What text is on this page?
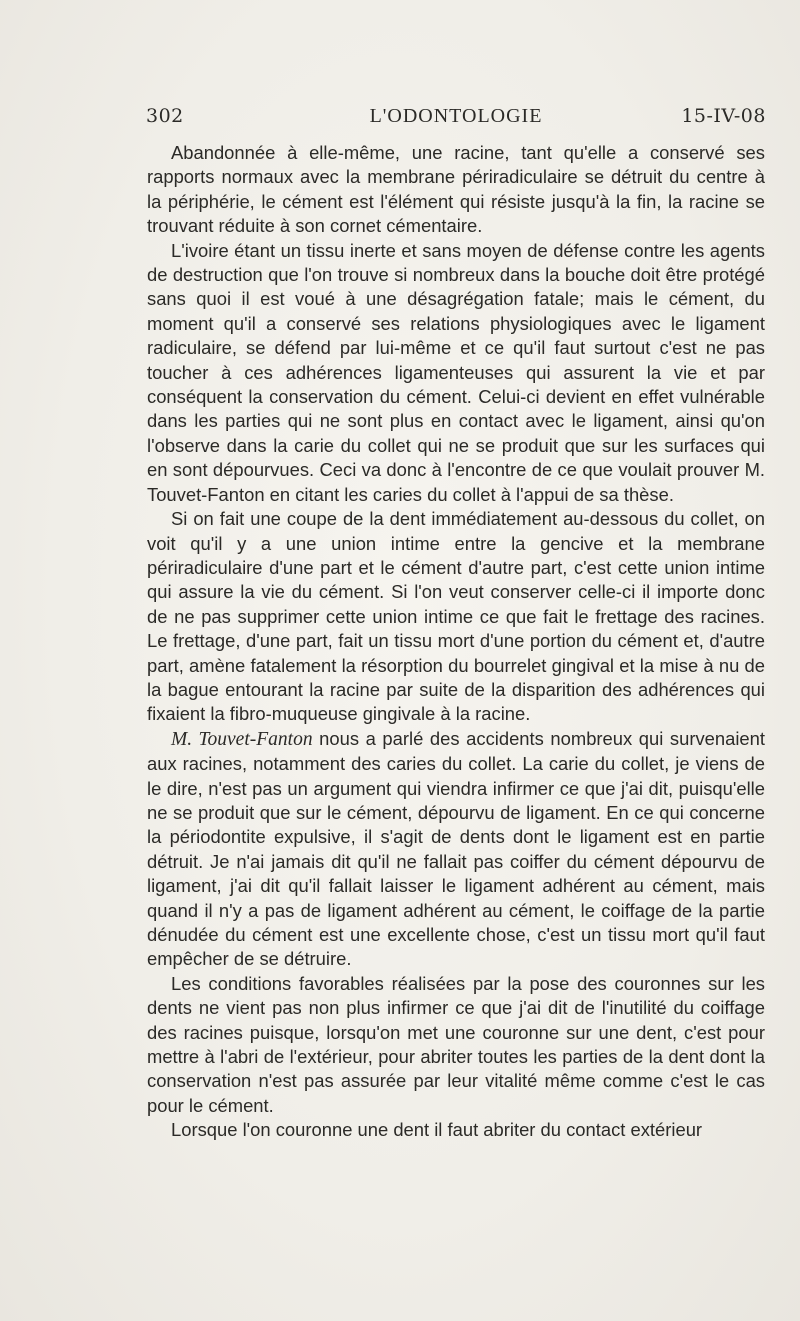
302	L'ODONTOLOGIE	15-IV-08

Abandonnée à elle-même, une racine, tant qu'elle a conservé ses rapports normaux avec la membrane périradiculaire se détruit du centre à la périphérie, le cément est l'élément qui résiste jusqu'à la fin, la racine se trouvant réduite à son cornet cémentaire.

L'ivoire étant un tissu inerte et sans moyen de défense contre les agents de destruction que l'on trouve si nombreux dans la bouche doit être protégé sans quoi il est voué à une désagrégation fatale; mais le cément, du moment qu'il a conservé ses relations physiologiques avec le ligament radiculaire, se défend par lui-même et ce qu'il faut surtout c'est ne pas toucher à ces adhérences ligamenteuses qui assurent la vie et par conséquent la conservation du cément. Celui-ci devient en effet vulnérable dans les parties qui ne sont plus en contact avec le ligament, ainsi qu'on l'observe dans la carie du collet qui ne se produit que sur les surfaces qui en sont dépourvues. Ceci va donc à l'encontre de ce que voulait prouver M. Touvet-Fanton en citant les caries du collet à l'appui de sa thèse.

Si on fait une coupe de la dent immédiatement au-dessous du collet, on voit qu'il y a une union intime entre la gencive et la membrane périradiculaire d'une part et le cément d'autre part, c'est cette union intime qui assure la vie du cément. Si l'on veut conserver celle-ci il importe donc de ne pas supprimer cette union intime ce que fait le frettage des racines. Le frettage, d'une part, fait un tissu mort d'une portion du cément et, d'autre part, amène fatalement la résorption du bourrelet gingival et la mise à nu de la bague entourant la racine par suite de la disparition des adhérences qui fixaient la fibro-muqueuse gingivale à la racine.

M. Touvet-Fanton nous a parlé des accidents nombreux qui survenaient aux racines, notamment des caries du collet. La carie du collet, je viens de le dire, n'est pas un argument qui viendra infirmer ce que j'ai dit, puisqu'elle ne se produit que sur le cément, dépourvu de ligament. En ce qui concerne la périodontite expulsive, il s'agit de dents dont le ligament est en partie détruit. Je n'ai jamais dit qu'il ne fallait pas coiffer du cément dépourvu de ligament, j'ai dit qu'il fallait laisser le ligament adhérent au cément, mais quand il n'y a pas de ligament adhérent au cément, le coiffage de la partie dénudée du cément est une excellente chose, c'est un tissu mort qu'il faut empêcher de se détruire.

Les conditions favorables réalisées par la pose des couronnes sur les dents ne vient pas non plus infirmer ce que j'ai dit de l'inutilité du coiffage des racines puisque, lorsqu'on met une couronne sur une dent, c'est pour mettre à l'abri de l'extérieur, pour abriter toutes les parties de la dent dont la conservation n'est pas assurée par leur vitalité même comme c'est le cas pour le cément.

Lorsque l'on couronne une dent il faut abriter du contact extérieur
